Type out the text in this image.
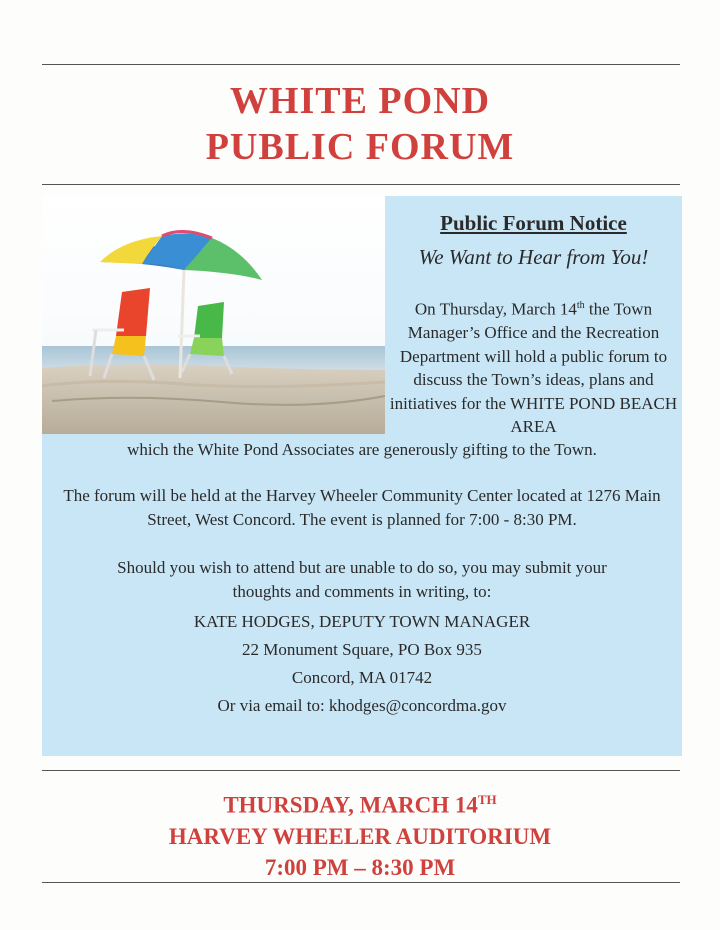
WHITE POND
PUBLIC FORUM
Public Forum Notice
We Want to Hear from You!
On Thursday, March 14th the Town Manager’s Office and the Recreation Department will hold a public forum to discuss the Town’s ideas, plans and initiatives for the WHITE POND BEACH AREA
which the White Pond Associates are generously gifting to the Town.
The forum will be held at the Harvey Wheeler Community Center located at 1276 Main Street, West Concord. The event is planned for 7:00 - 8:30 PM.
Should you wish to attend but are unable to do so, you may submit your thoughts and comments in writing, to:
KATE HODGES, DEPUTY TOWN MANAGER
22 Monument Square, PO Box 935
Concord, MA 01742
Or via email to: khodges@concordma.gov
THURSDAY, MARCH 14TH
HARVEY WHEELER AUDITORIUM
7:00 PM – 8:30 PM
